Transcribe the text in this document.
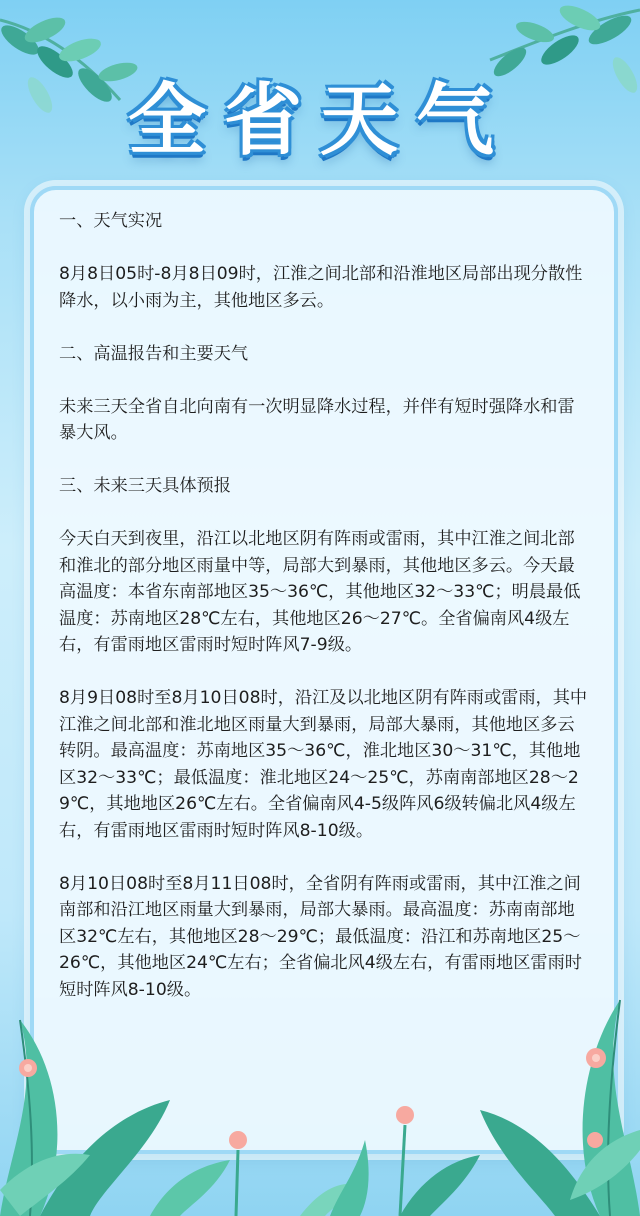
全省天气

一、天气实况

8月8日05时-8月8日09时，江淮之间北部和沿淮地区局部出现分散性降水，以小雨为主，其他地区多云。

二、高温报告和主要天气

未来三天全省自北向南有一次明显降水过程，并伴有短时强降水和雷暴大风。

三、未来三天具体预报

今天白天到夜里，沿江以北地区阴有阵雨或雷雨，其中江淮之间北部和淮北的部分地区雨量中等，局部大到暴雨，其他地区多云。今天最高温度：本省东南部地区35～36℃，其他地区32～33℃；明晨最低温度：苏南地区28℃左右，其他地区26～27℃。全省偏南风4级左右，有雷雨地区雷雨时短时阵风7-9级。

8月9日08时至8月10日08时，沿江及以北地区阴有阵雨或雷雨，其中江淮之间北部和淮北地区雨量大到暴雨，局部大暴雨，其他地区多云转阴。最高温度：苏南地区35～36℃，淮北地区30～31℃，其他地区32～33℃；最低温度：淮北地区24～25℃，苏南南部地区28～29℃，其地地区26℃左右。全省偏南风4-5级阵风6级转偏北风4级左右，有雷雨地区雷雨时短时阵风8-10级。

8月10日08时至8月11日08时，全省阴有阵雨或雷雨，其中江淮之间南部和沿江地区雨量大到暴雨，局部大暴雨。最高温度：苏南南部地区32℃左右，其他地区28～29℃；最低温度：沿江和苏南地区25～26℃，其他地区24℃左右；全省偏北风4级左右，有雷雨地区雷雨时短时阵风8-10级。
